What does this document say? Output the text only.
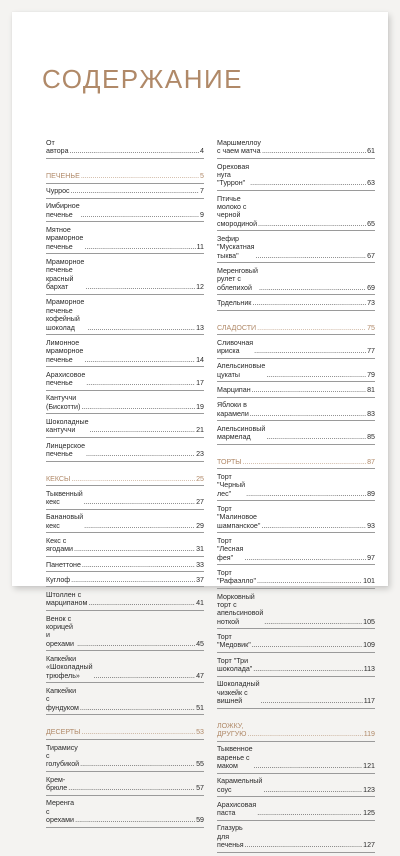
СОДЕРЖАНИЕ
От автора .....	4
ПЕЧЕНЬЕ .....	5
Чуррос .....	7
Имбирное печенье .....	9
Мятное мраморное печенье .....	11
Мраморное печенье красный бархат .....	12
Мраморное печенье кофейный шоколад .....	13
Лимонное мраморное печенье .....	14
Арахисовое печенье .....	17
Кантуччи (Бискотти) .....	19
Шоколадные кантуччи .....	21
Линцерское печенье .....	23
КЕКСЫ .....	25
Тыквенный кекс .....	27
Банановый кекс .....	29
Кекс с ягодами .....	31
Панеттоне .....	33
Куглоф .....	37
Штоллен с марципаном .....	41
Венок с корицей и орехами .....	45
Капкейки «Шоколадный трюфель» .....	47
Капкейки с фундуком .....	51
ДЕСЕРТЫ .....	53
Тирамису с голубикой .....	55
Крем-брюле .....	57
Меренга с орехами .....	59
Маршмеллоу с чаем матча .....	61
Ореховая нуга "Туррон" .....	63
Птичье молоко с черной смородиной .....	65
Зефир "Мускатная тыква" .....	67
Меренговый рулет с облепихой .....	69
Трдельник .....	73
СЛАДОСТИ .....	75
Сливочная ириска .....	77
Апельсиновые цукаты .....	79
Марципан .....	81
Яблоки в карамели .....	83
Апельсиновый мармелад .....	85
ТОРТЫ .....	87
Торт "Черный лес" .....	89
Торт "Малиновое шампанское" .....	93
Торт "Лесная фея" .....	97
Торт "Рафаэлло" .....	101
Морковный торт с апельсиновой ноткой .....	105
Торт "Медовик" .....	109
Торт "Три шоколада" .....	113
Шоколадный чизкейк с вишней .....	117
ЛОЖКУ, ДРУГУЮ .....	119
Тыквенное варенье с маком .....	121
Карамельный соус .....	123
Арахисовая паста .....	125
Глазурь для печенья .....	127
